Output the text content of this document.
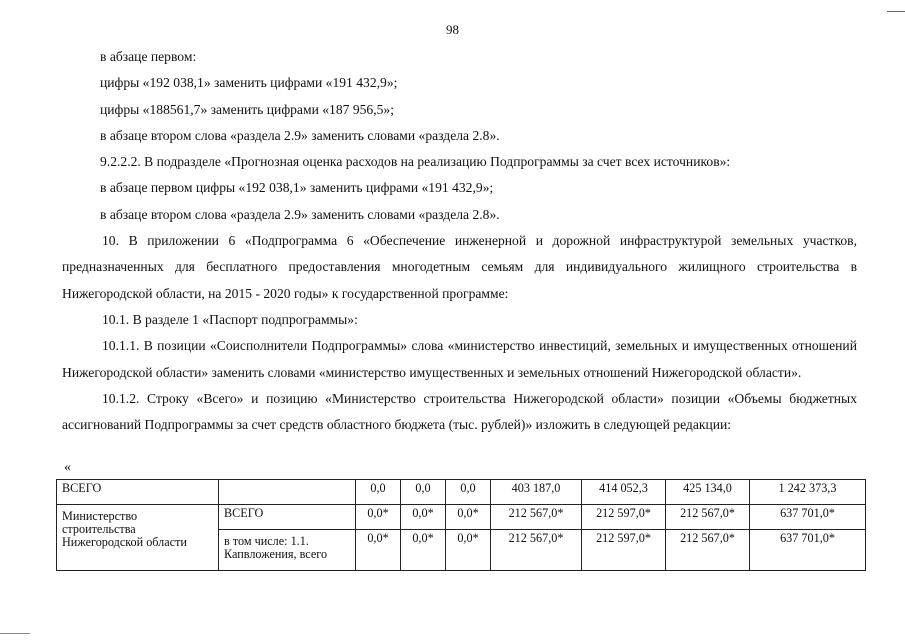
98
в абзаце первом:
цифры «192 038,1» заменить цифрами «191 432,9»;
цифры «188561,7» заменить цифрами «187 956,5»;
в абзаце втором слова «раздела 2.9» заменить словами «раздела 2.8».
9.2.2.2. В подразделе «Прогнозная оценка расходов на реализацию Подпрограммы за счет всех источников»:
в абзаце первом цифры «192 038,1» заменить цифрами «191 432,9»;
в абзаце втором слова «раздела 2.9» заменить словами «раздела 2.8».
10. В приложении 6 «Подпрограмма 6 «Обеспечение инженерной и дорожной инфраструктурой земельных участков, предназначенных для бесплатного предоставления многодетным семьям для индивидуального жилищного строительства в Нижегородской области, на 2015 - 2020 годы» к государственной программе:
10.1. В разделе 1 «Паспорт подпрограммы»:
10.1.1. В позиции «Соисполнители Подпрограммы» слова «министерство инвестиций, земельных и имущественных отношений Нижегородской области» заменить словами «министерство имущественных и земельных отношений Нижегородской области».
10.1.2. Строку «Всего» и позицию «Министерство строительства Нижегородской области» позиции «Объемы бюджетных ассигнований Подпрограммы за счет средств областного бюджета (тыс. рублей)» изложить в следующей редакции:
«
ВСЕГО		0,0	0,0	0,0	403 187,0	414 052,3	425 134,0	1 242 373,3
Министерство строительства Нижегородской области	ВСЕГО	0,0*	0,0*	0,0*	212 567,0*	212 597,0*	212 567,0*	637 701,0*
	в том числе: 1.1. Капвложения, всего	0,0*	0,0*	0,0*	212 567,0*	212 597,0*	212 567,0*	637 701,0*
